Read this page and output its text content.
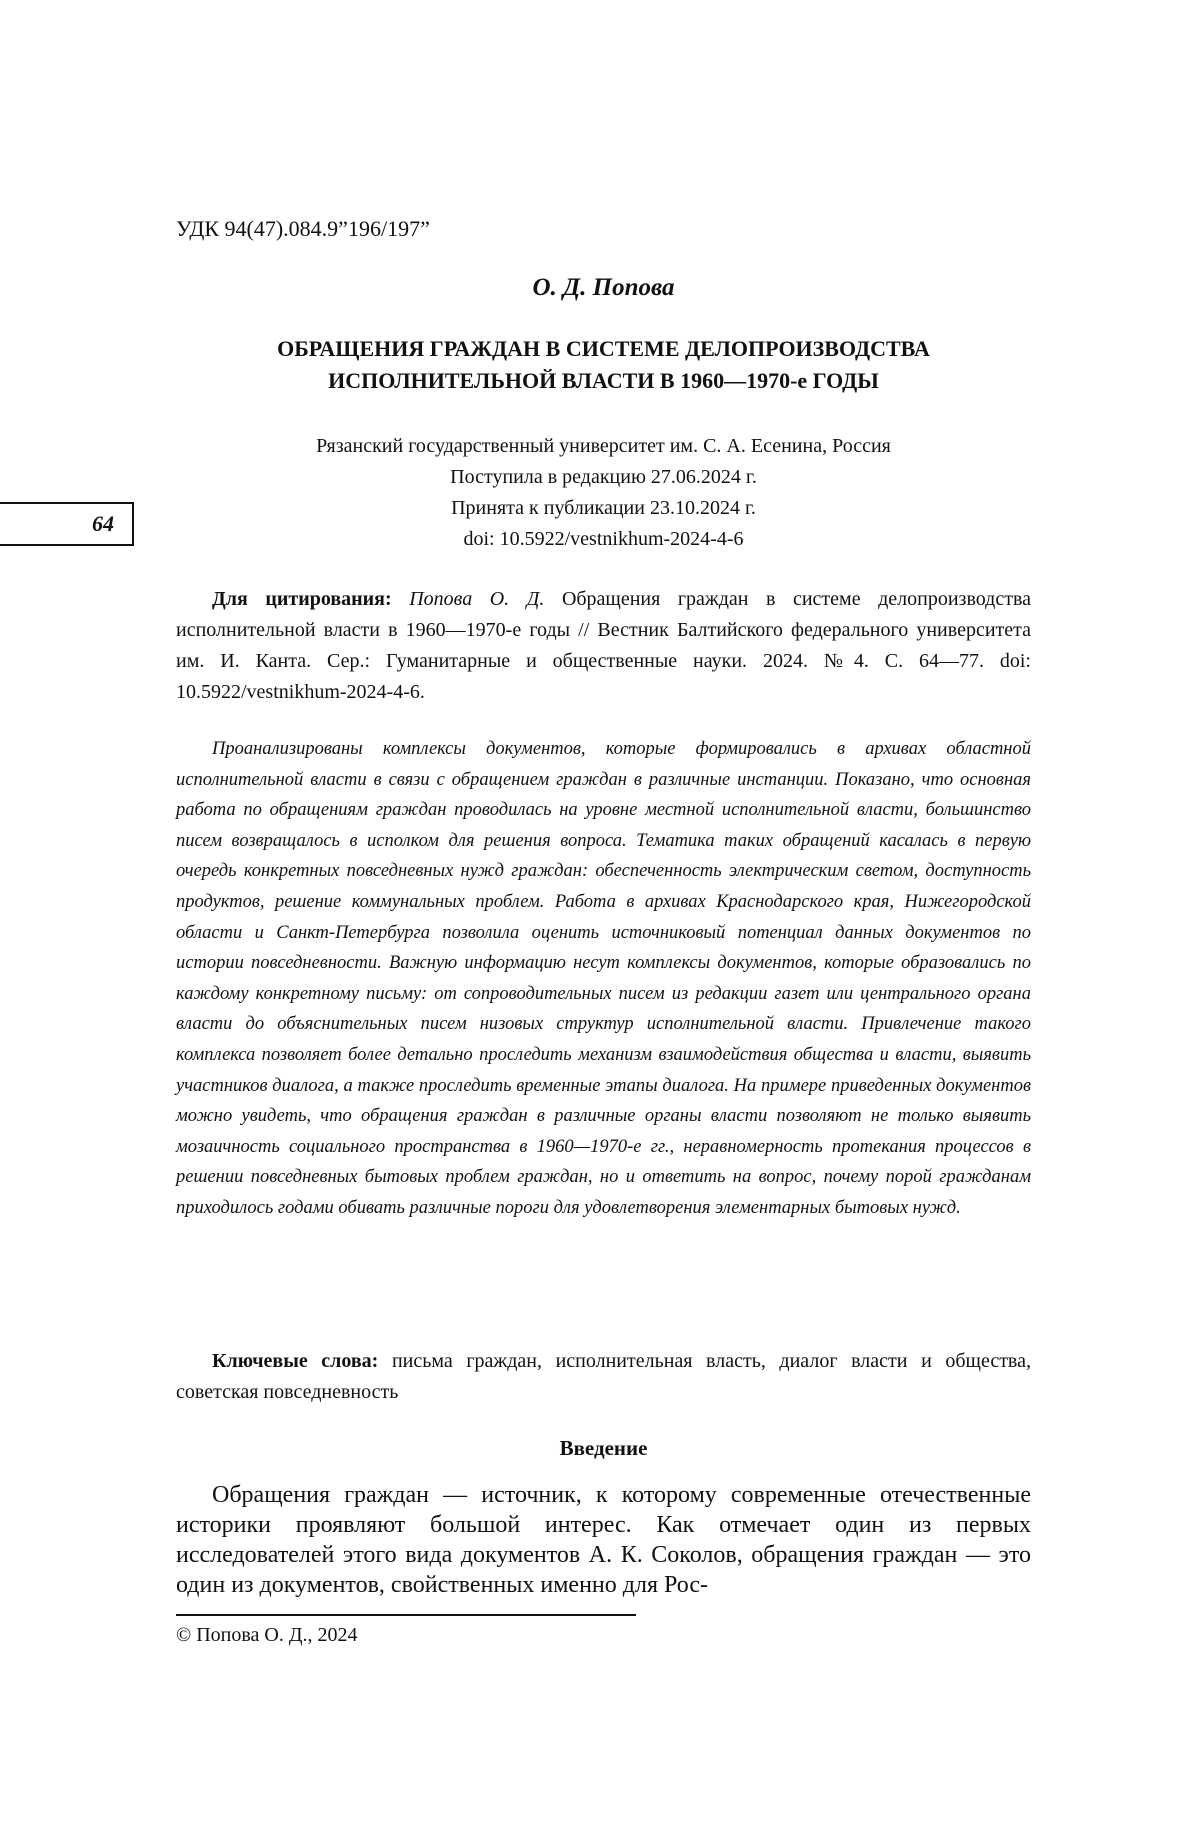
УДК 94(47).084.9”196/197”
О. Д. Попова
ОБРАЩЕНИЯ ГРАЖДАН В СИСТЕМЕ ДЕЛОПРОИЗВОДСТВА
ИСПОЛНИТЕЛЬНОЙ ВЛАСТИ В 1960—1970-е ГОДЫ
Рязанский государственный университет им. С. А. Есенина, Россия
Поступила в редакцию 27.06.2024 г.
Принята к публикации 23.10.2024 г.
doi: 10.5922/vestnikhum-2024-4-6
64
Для цитирования: Попова О. Д. Обращения граждан в системе делопроизводства исполнительной власти в 1960—1970-е годы // Вестник Балтийского федерального университета им. И. Канта. Сер.: Гуманитарные и общественные науки. 2024. №4. С. 64—77. doi: 10.5922/vestnikhum-2024-4-6.
Проанализированы комплексы документов, которые формировались в архивах областной исполнительной власти в связи с обращением граждан в различные инстанции. Показано, что основная работа по обращениям граждан проводилась на уровне местной исполнительной власти, большинство писем возвращалось в исполком для решения вопроса. Тематика таких обращений касалась в первую очередь конкретных повседневных нужд граждан: обеспеченность электрическим светом, доступность продуктов, решение коммунальных проблем. Работа в архивах Краснодарского края, Нижегородской области и Санкт-Петербурга позволила оценить источниковый потенциал данных документов по истории повседневности. Важную информацию несут комплексы документов, которые образовались по каждому конкретному письму: от сопроводительных писем из редакции газет или центрального органа власти до объяснительных писем низовых структур исполнительной власти. Привлечение такого комплекса позволяет более детально проследить механизм взаимодействия общества и власти, выявить участников диалога, а также проследить временные этапы диалога. На примере приведенных документов можно увидеть, что обращения граждан в различные органы власти позволяют не только выявить мозаичность социального пространства в 1960—1970-е гг., неравномерность протекания процессов в решении повседневных бытовых проблем граждан, но и ответить на вопрос, почему порой гражданам приходилось годами обивать различные пороги для удовлетворения элементарных бытовых нужд.
Ключевые слова: письма граждан, исполнительная власть, диалог власти и общества, советская повседневность
Введение
Обращения граждан — источник, к которому современные отечественные историки проявляют большой интерес. Как отмечает один из первых исследователей этого вида документов А. К. Соколов, обращения граждан — это один из документов, свойственных именно для Рос-
© Попова О. Д., 2024
